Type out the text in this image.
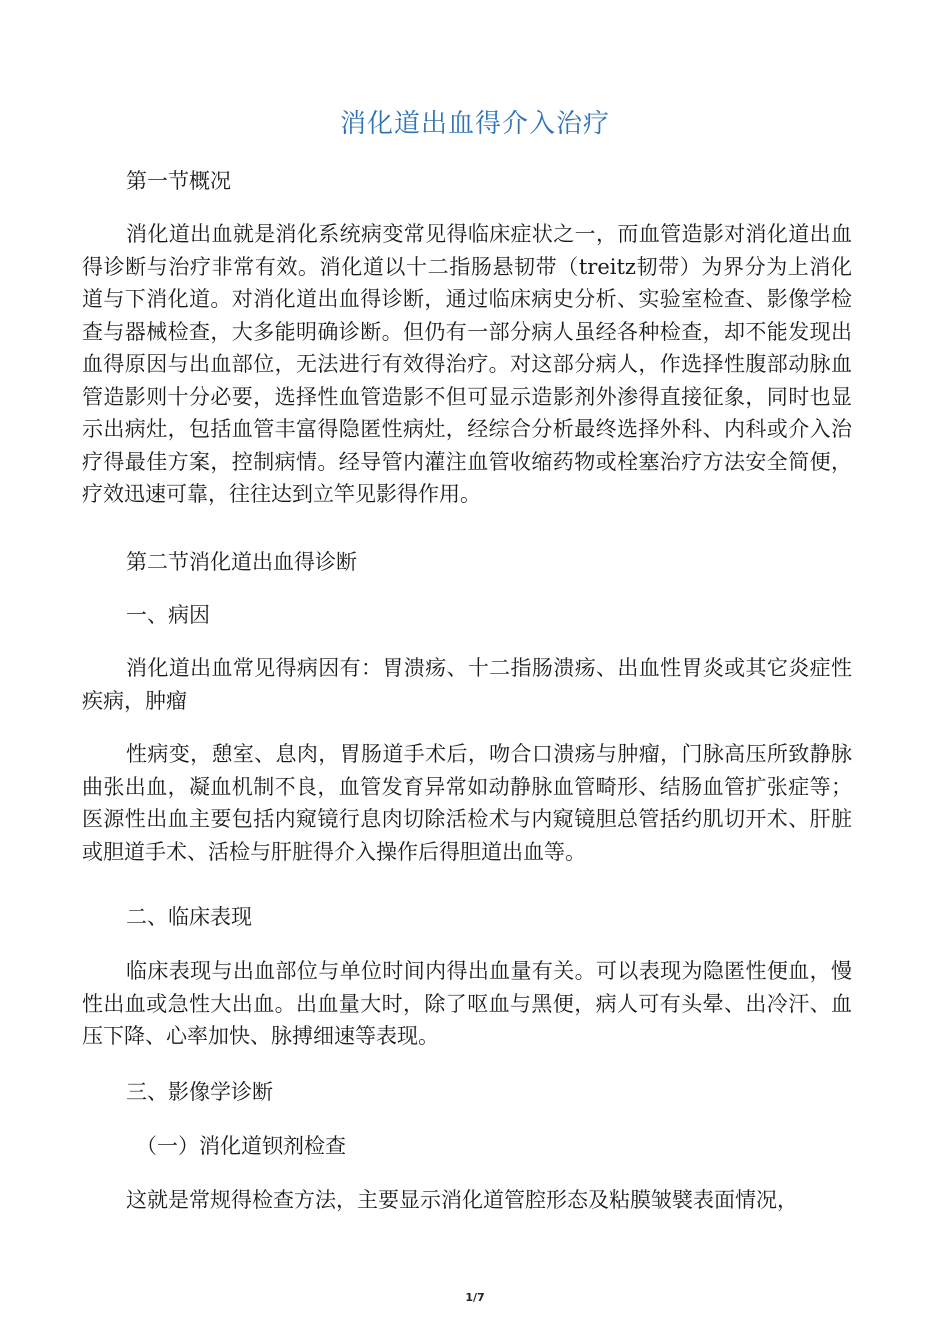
消化道出血得介入治疗

第一节概况

消化道出血就是消化系统病变常见得临床症状之一，而血管造影对消化道出血得诊断与治疗非常有效。消化道以十二指肠悬韧带（treitz韧带）为界分为上消化道与下消化道。对消化道出血得诊断，通过临床病史分析、实验室检查、影像学检查与器械检查，大多能明确诊断。但仍有一部分病人虽经各种检查，却不能发现出血得原因与出血部位，无法进行有效得治疗。对这部分病人，作选择性腹部动脉血管造影则十分必要，选择性血管造影不但可显示造影剂外渗得直接征象，同时也显示出病灶，包括血管丰富得隐匿性病灶，经综合分析最终选择外科、内科或介入治疗得最佳方案，控制病情。经导管内灌注血管收缩药物或栓塞治疗方法安全简便，疗效迅速可靠，往往达到立竿见影得作用。

第二节消化道出血得诊断

一、病因

消化道出血常见得病因有：胃溃疡、十二指肠溃疡、出血性胃炎或其它炎症性疾病，肿瘤

性病变，憩室、息肉，胃肠道手术后，吻合口溃疡与肿瘤，门脉高压所致静脉曲张出血，凝血机制不良，血管发育异常如动静脉血管畸形、结肠血管扩张症等；医源性出血主要包括内窥镜行息肉切除活检术与内窥镜胆总管括约肌切开术、肝脏或胆道手术、活检与肝脏得介入操作后得胆道出血等。

二、临床表现

临床表现与出血部位与单位时间内得出血量有关。可以表现为隐匿性便血，慢性出血或急性大出血。出血量大时，除了呕血与黑便，病人可有头晕、出冷汗、血压下降、心率加快、脉搏细速等表现。

三、影像学诊断

（一）消化道钡剂检查

这就是常规得检查方法，主要显示消化道管腔形态及粘膜皱襞表面情况，

1/7
